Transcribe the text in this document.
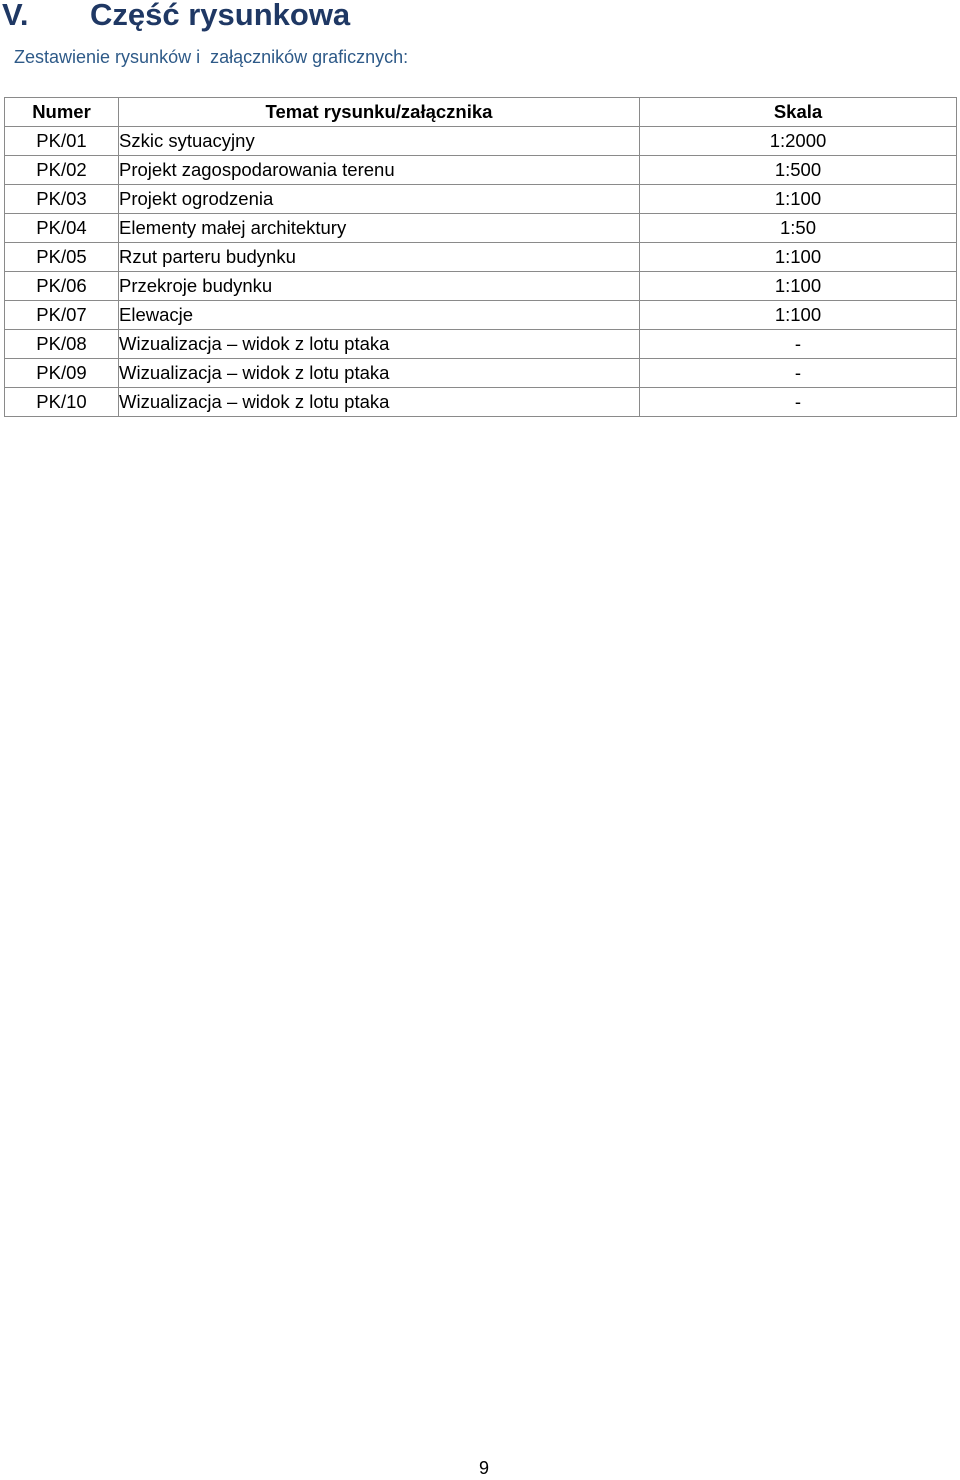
V. Część rysunkowa
Zestawienie rysunków i  załączników graficznych:
Numer	Temat rysunku/załącznika	Skala
PK/01	Szkic sytuacyjny	1:2000
PK/02	Projekt zagospodarowania terenu	1:500
PK/03	Projekt ogrodzenia	1:100
PK/04	Elementy małej architektury	1:50
PK/05	Rzut parteru budynku	1:100
PK/06	Przekroje budynku	1:100
PK/07	Elewacje	1:100
PK/08	Wizualizacja – widok z lotu ptaka	-
PK/09	Wizualizacja – widok z lotu ptaka	-
PK/10	Wizualizacja – widok z lotu ptaka	-
9
